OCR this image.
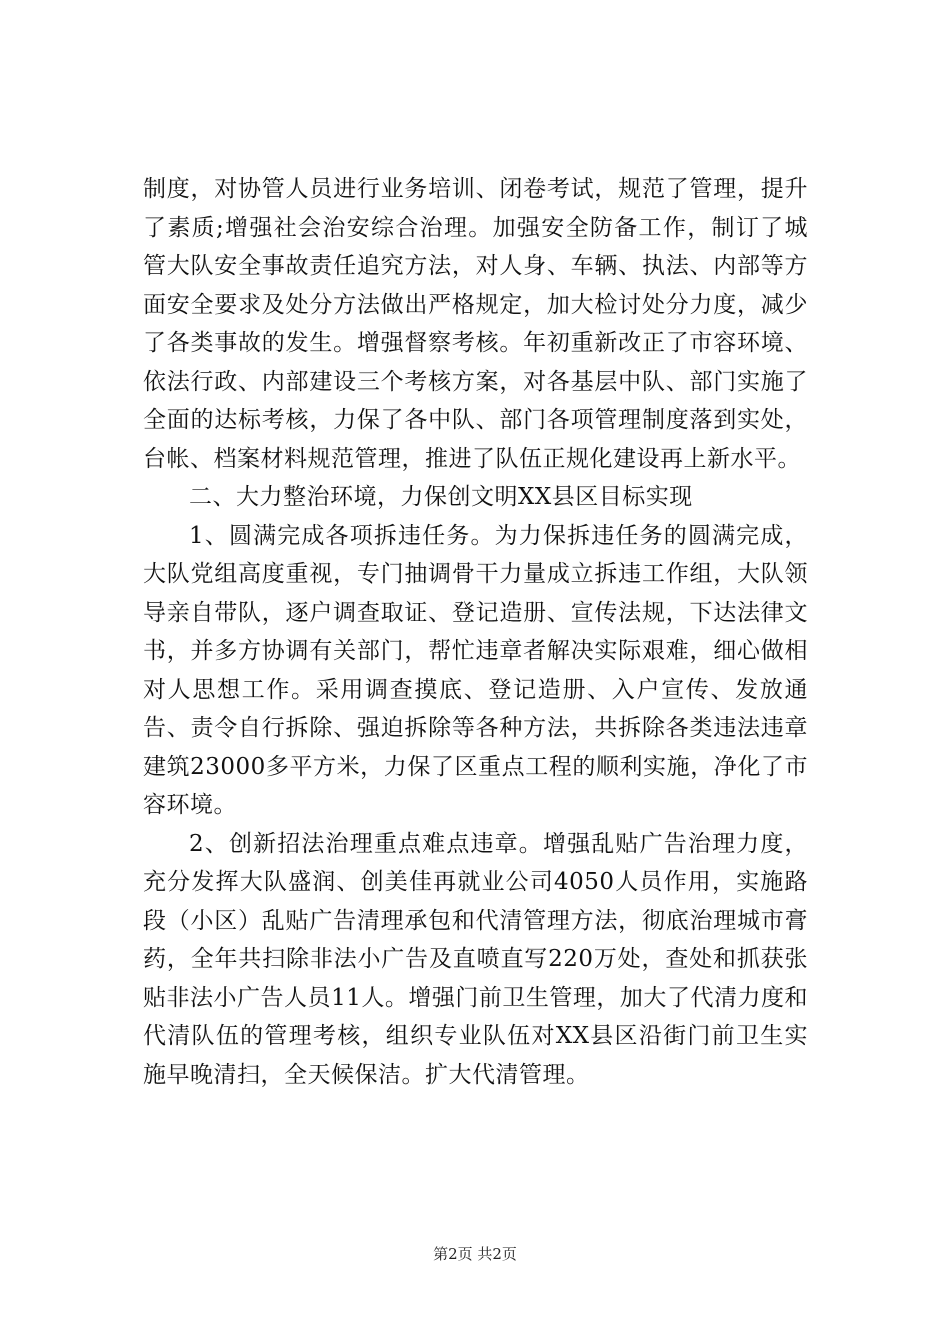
制度，对协管人员进行业务培训、闭卷考试，规范了管理，提升了素质;增强社会治安综合治理。加强安全防备工作，制订了城管大队安全事故责任追究方法，对人身、车辆、执法、内部等方面安全要求及处分方法做出严格规定，加大检讨处分力度，减少了各类事故的发生。增强督察考核。年初重新改正了市容环境、依法行政、内部建设三个考核方案，对各基层中队、部门实施了全面的达标考核，力保了各中队、部门各项管理制度落到实处，台帐、档案材料规范管理，推进了队伍正规化建设再上新水平。

二、大力整治环境，力保创文明XX县区目标实现

1、圆满完成各项拆违任务。为力保拆违任务的圆满完成，大队党组高度重视，专门抽调骨干力量成立拆违工作组，大队领导亲自带队，逐户调查取证、登记造册、宣传法规，下达法律文书，并多方协调有关部门，帮忙违章者解决实际艰难，细心做相对人思想工作。采用调查摸底、登记造册、入户宣传、发放通告、责令自行拆除、强迫拆除等各种方法，共拆除各类违法违章建筑23000多平方米，力保了区重点工程的顺利实施，净化了市容环境。

2、创新招法治理重点难点违章。增强乱贴广告治理力度，充分发挥大队盛润、创美佳再就业公司4050人员作用，实施路段（小区）乱贴广告清理承包和代清管理方法，彻底治理城市膏药，全年共扫除非法小广告及直喷直写220万处，查处和抓获张贴非法小广告人员11人。增强门前卫生管理，加大了代清力度和代清队伍的管理考核，组织专业队伍对XX县区沿街门前卫生实施早晚清扫，全天候保洁。扩大代清管理。

第2页 共2页
